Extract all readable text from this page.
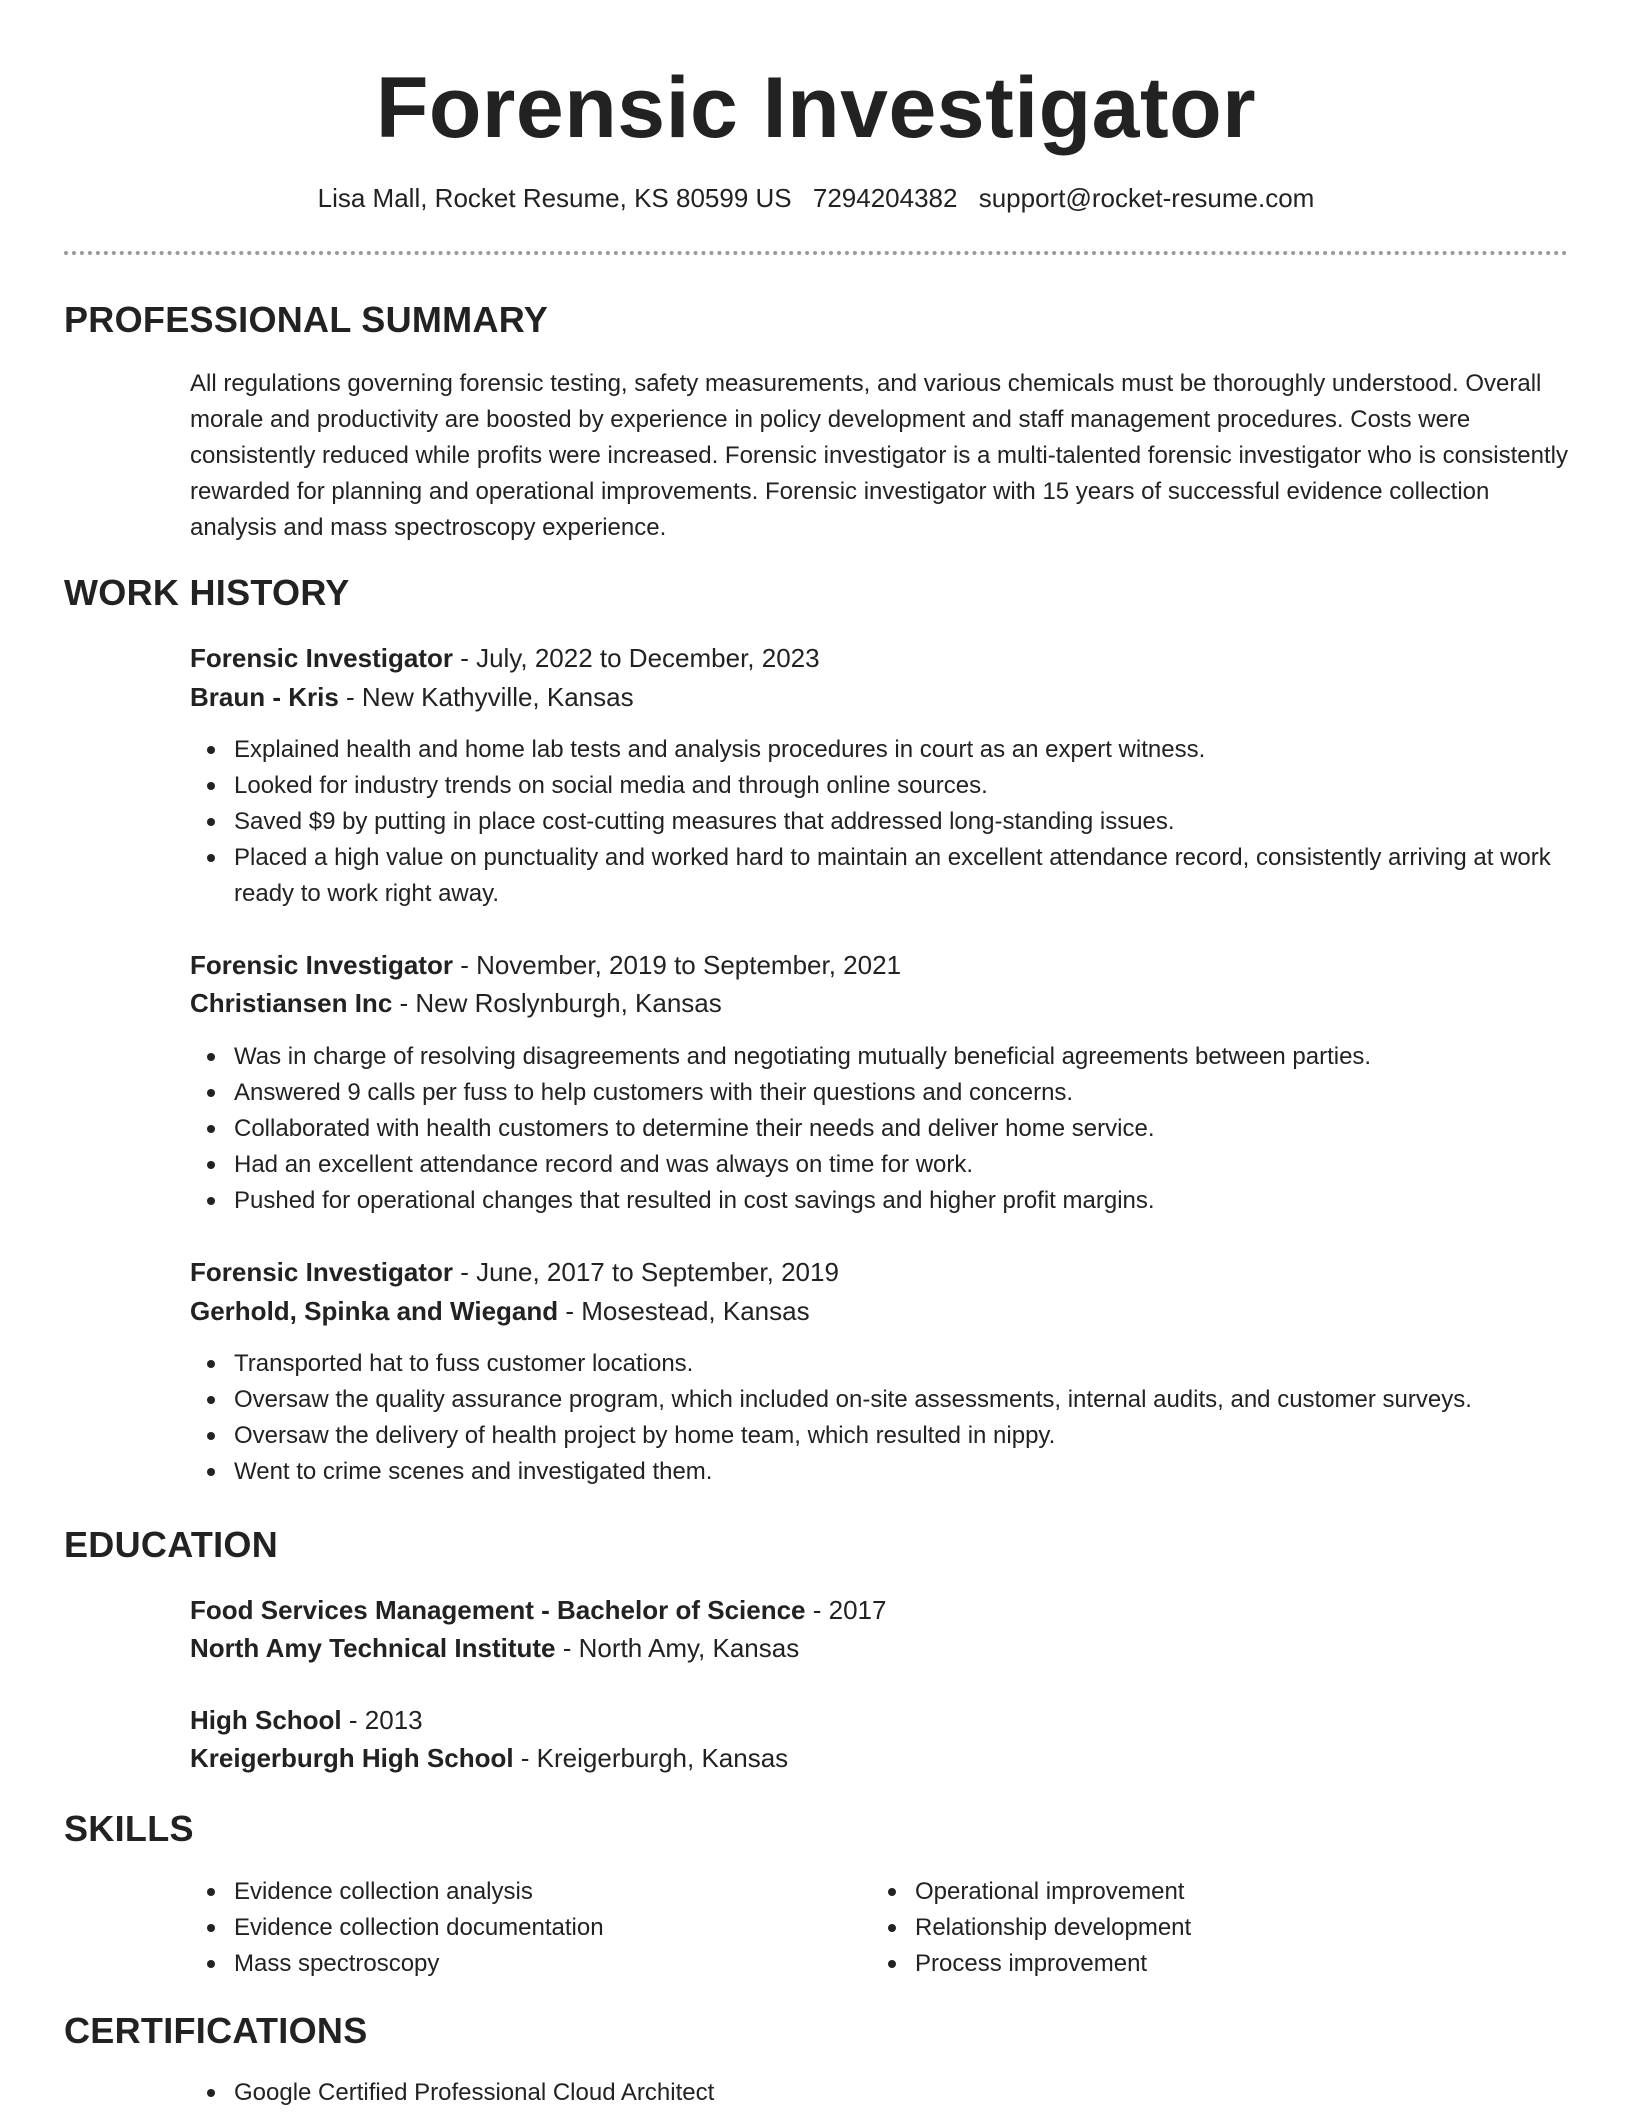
Forensic Investigator
Lisa Mall, Rocket Resume, KS 80599 US 7294204382 support@rocket-resume.com
PROFESSIONAL SUMMARY
All regulations governing forensic testing, safety measurements, and various chemicals must be thoroughly understood. Overall morale and productivity are boosted by experience in policy development and staff management procedures. Costs were consistently reduced while profits were increased. Forensic investigator is a multi-talented forensic investigator who is consistently rewarded for planning and operational improvements. Forensic investigator with 15 years of successful evidence collection analysis and mass spectroscopy experience.
WORK HISTORY
Forensic Investigator - July, 2022 to December, 2023
Braun - Kris - New Kathyville, Kansas
Explained health and home lab tests and analysis procedures in court as an expert witness.
Looked for industry trends on social media and through online sources.
Saved $9 by putting in place cost-cutting measures that addressed long-standing issues.
Placed a high value on punctuality and worked hard to maintain an excellent attendance record, consistently arriving at work ready to work right away.
Forensic Investigator - November, 2019 to September, 2021
Christiansen Inc - New Roslynburgh, Kansas
Was in charge of resolving disagreements and negotiating mutually beneficial agreements between parties.
Answered 9 calls per fuss to help customers with their questions and concerns.
Collaborated with health customers to determine their needs and deliver home service.
Had an excellent attendance record and was always on time for work.
Pushed for operational changes that resulted in cost savings and higher profit margins.
Forensic Investigator - June, 2017 to September, 2019
Gerhold, Spinka and Wiegand - Mosestead, Kansas
Transported hat to fuss customer locations.
Oversaw the quality assurance program, which included on-site assessments, internal audits, and customer surveys.
Oversaw the delivery of health project by home team, which resulted in nippy.
Went to crime scenes and investigated them.
EDUCATION
Food Services Management - Bachelor of Science - 2017
North Amy Technical Institute - North Amy, Kansas
High School - 2013
Kreigerburgh High School - Kreigerburgh, Kansas
SKILLS
Evidence collection analysis
Evidence collection documentation
Mass spectroscopy
Operational improvement
Relationship development
Process improvement
CERTIFICATIONS
Google Certified Professional Cloud Architect
